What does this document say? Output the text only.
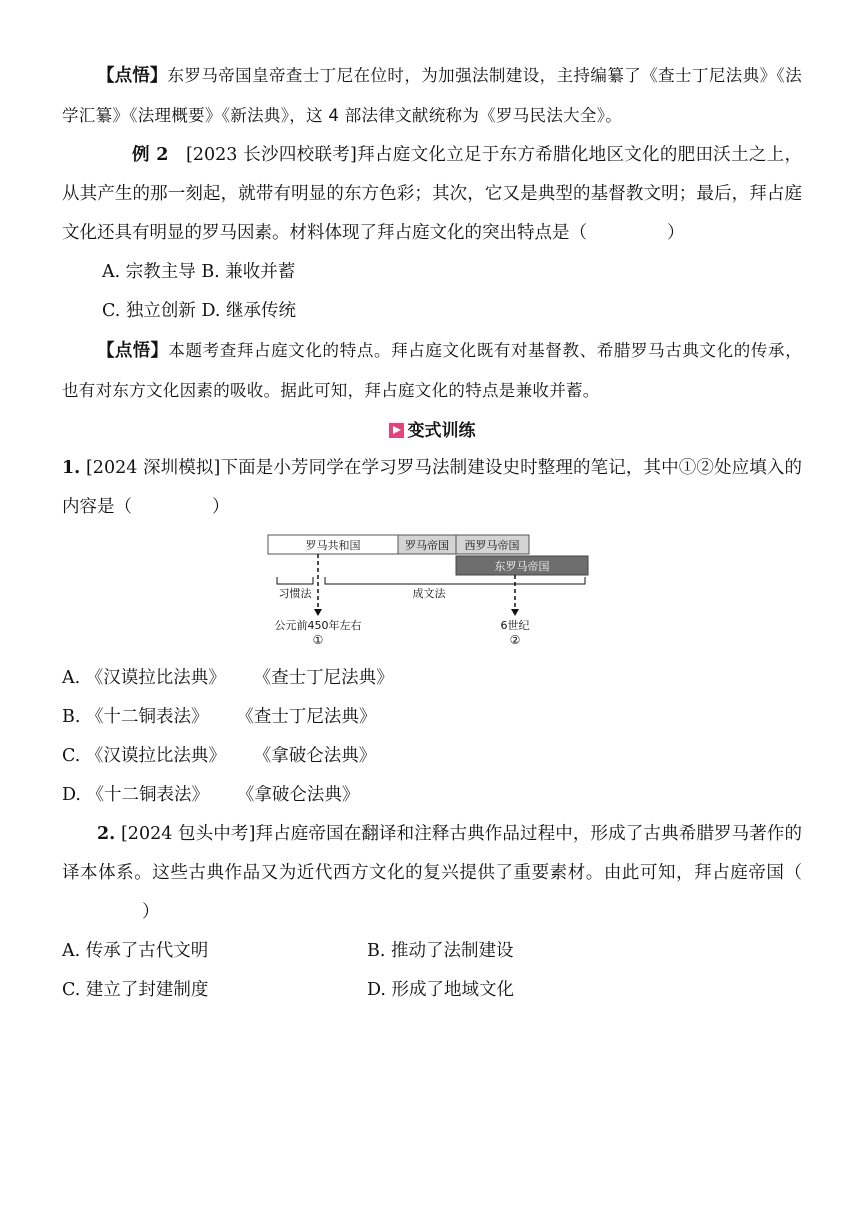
【点悟】东罗马帝国皇帝查士丁尼在位时，为加强法制建设，主持编纂了《查士丁尼法典》《法学汇纂》《法理概要》《新法典》，这 4 部法律文献统称为《罗马民法大全》。

例 2 [2023 长沙四校联考]拜占庭文化立足于东方希腊化地区文化的肥田沃土之上，从其产生的那一刻起，就带有明显的东方色彩；其次，它又是典型的基督教文明；最后，拜占庭文化还具有明显的罗马因素。材料体现了拜占庭文化的突出特点是（	）

A. 宗教主导 B. 兼收并蓄

C. 独立创新 D. 继承传统

【点悟】本题考查拜占庭文化的特点。拜占庭文化既有对基督教、希腊罗马古典文化的传承，也有对东方文化因素的吸收。据此可知，拜占庭文化的特点是兼收并蓄。

变式训练

1. [2024 深圳模拟]下面是小芳同学在学习罗马法制建设史时整理的笔记，其中①②处应填入的内容是（	）

罗马共和国	罗马帝国 西罗马帝国
东罗马帝国
习惯法	成文法
公元前450年左右
①
6世纪
②

A. 《汉谟拉比法典》 《查士丁尼法典》

B. 《十二铜表法》 《查士丁尼法典》

C. 《汉谟拉比法典》 《拿破仑法典》

D. 《十二铜表法》 《拿破仑法典》

2. [2024 包头中考]拜占庭帝国在翻译和注释古典作品过程中，形成了古典希腊罗马著作的译本体系。这些古典作品又为近代西方文化的复兴提供了重要素材。由此可知，拜占庭帝国（）

A. 传承了古代文明	B. 推动了法制建设
C. 建立了封建制度	D. 形成了地域文化
